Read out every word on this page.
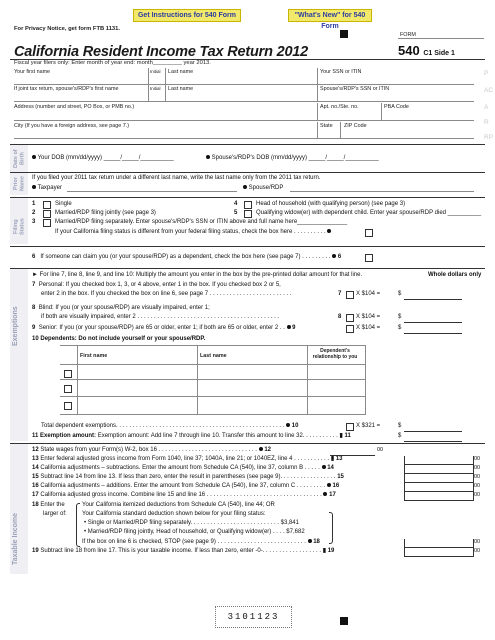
Get Instructions for 540 Form	"What's New" for 540 Form
For Privacy Notice, get form FTB 1131.
FORM
California Resident Income Tax Return 2012	540 C1 Side 1
Fiscal year filers only: Enter month of year end: month_________ year 2013.
Your first name	Initial Last name	Your SSN or ITIN
If joint tax return, spouse's/RDP's first name	Initial Last name	Spouse's/RDP's SSN or ITIN
Address (number and street, PO Box, or PMB no.)	Apt. no./Ste. no.	PBA Code
City (If you have a foreign address, see page 7.)	State ZIP Code
P
AC
A
R
RP
Date of Birth	Your DOB (mm/dd/yyyy) _____/_____/__________	Spouse's/RDP's DOB (mm/dd/yyyy) _____/_____/__________
Prior Name If you filed your 2011 tax return under a different last name, write the last name only from the 2011 tax return.
Taxpayer	Spouse/RDP
Filing Status
1	Single
2	Married/RDP filing jointly (see page 3)
3	Married/RDP filing separately. Enter spouse's/RDP's SSN or ITIN above and full name here_______________
4	Head of household (with qualifying person) (see page 3)
5	Qualifying widow(er) with dependent child. Enter year spouse/RDP died __________
If your California filing status is different from your federal filing status, check the box here . . . . . . . . . .
6 If someone can claim you (or your spouse/RDP) as a dependent, check the box here (see page 7) . . . . . . . . . 6
Exemptions
► For line 7, line 8, line 9, and line 10: Multiply the amount you enter in the box by the pre-printed dollar amount for that line.	Whole dollars only
7 Personal: If you checked box 1, 3, or 4 above, enter 1 in the box. If you checked box 2 or 5,
enter 2 in the box. If you checked the box on line 6, see page 7 . . . . . . . . . . . . . . . . . . . . . . . . .	7 X $104 =	$
8 Blind: If you (or your spouse/RDP) are visually impaired, enter 1;
if both are visually impaired, enter 2 . . . . . . . . . . . . . . . . . . . . . . . . . . . . . . . . . . . . . . . . . . .	8 X $104 =	$
9 Senior: If you (or your spouse/RDP) are 65 or older, enter 1; if both are 65 or older, enter 2 . . 9	X $104 =	$
10 Dependents: Do not include yourself or your spouse/RDP.
First name	Last name
Dependent's relationship to you
Total dependent exemptions. . . . . . . . . . . . . . . . . . . . . . . . . . . . . . . . . . . . . . . . . . . . . . . . . . . 10	X $321 =	$
11 Exemption amount: Exemption amount: Add line 7 through line 10. Transfer this amount to line 32. . . . . . . . . . . ▮ 11	$
Taxable Income
12 State wages from your Form(s) W-2, box 16 . . . . . . . . . . . . . . . . . . . . . . . . . . . . . . 12	00
13 Enter federal adjusted gross income from Form 1040, line 37; 1040A, line 21; or 1040EZ, line 4 . . . . . . . . . . . ▮ 13	00
14 California adjustments – subtractions. Enter the amount from Schedule CA (540), line 37, column B . . . . . 14	00
15 Subtract line 14 from line 13. If less than zero, enter the result in parentheses (see page 9). . . . . . . . . . . . . . . . . 15	00
16 California adjustments – additions. Enter the amount from Schedule CA (540), line 37, column C . . . . . . . . . 16	00
17 California adjusted gross income. Combine line 15 and line 16 . . . . . . . . . . . . . . . . . . . . . . . . . . . . . . . . . . . 17	00
18 Enter the
larger of:
Your California itemized deductions from Schedule CA (540), line 44; OR
Your California standard deduction shown below for your filing status:
• Single or Married/RDP filing separately. . . . . . . . . . . . . . . . . . . . . . . . . . . $3,841
• Married/RDP filing jointly, Head of household, or Qualifying widow(er) . . . . $7,682
If the box on line 6 is checked, STOP (see page 9) . . . . . . . . . . . . . . . . . . . . . . . . . . . 18	00
19 Subtract line 18 from line 17. This is your taxable income. If less than zero, enter -0-. . . . . . . . . . . . . . . . . . ▮ 19	00
3101123
